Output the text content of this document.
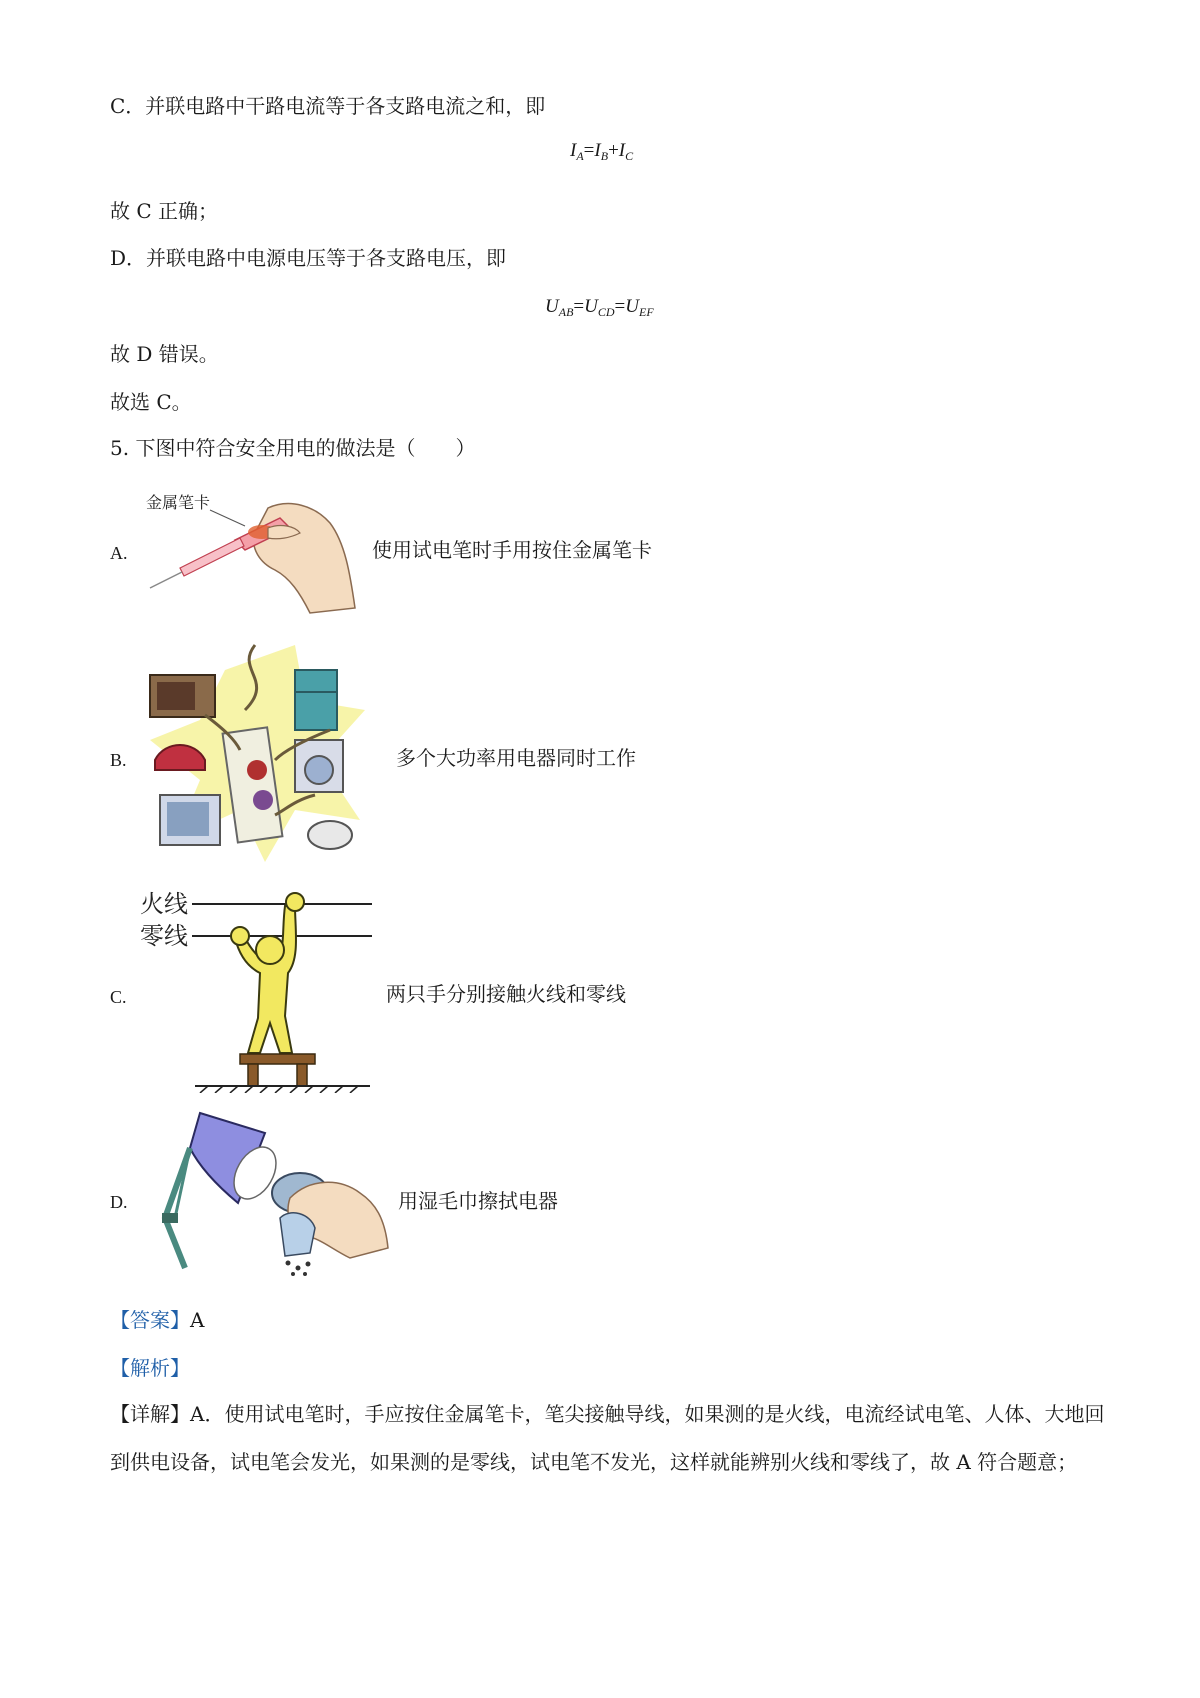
C．并联电路中干路电流等于各支路电流之和，即
$I_A=I_B+I_C$
故 C 正确；
D．并联电路中电源电压等于各支路电压，即
$U_{AB}=U_{CD}=U_{EF}$
故 D 错误。
故选 C。
5. 下图中符合安全用电的做法是（　　）
A.
金属笔卡
使用试电笔时手用按住金属笔卡
B.	多个大功率用电器同时工作
C.
火线
零线
两只手分别接触火线和零线
D.	用湿毛巾擦拭电器
【答案】A
【解析】
【详解】A．使用试电笔时，手应按住金属笔卡，笔尖接触导线，如果测的是火线，电流经试电笔、人体、大地回到供电设备，试电笔会发光，如果测的是零线，试电笔不发光，这样就能辨别火线和零线了，故 A 符合题意；
